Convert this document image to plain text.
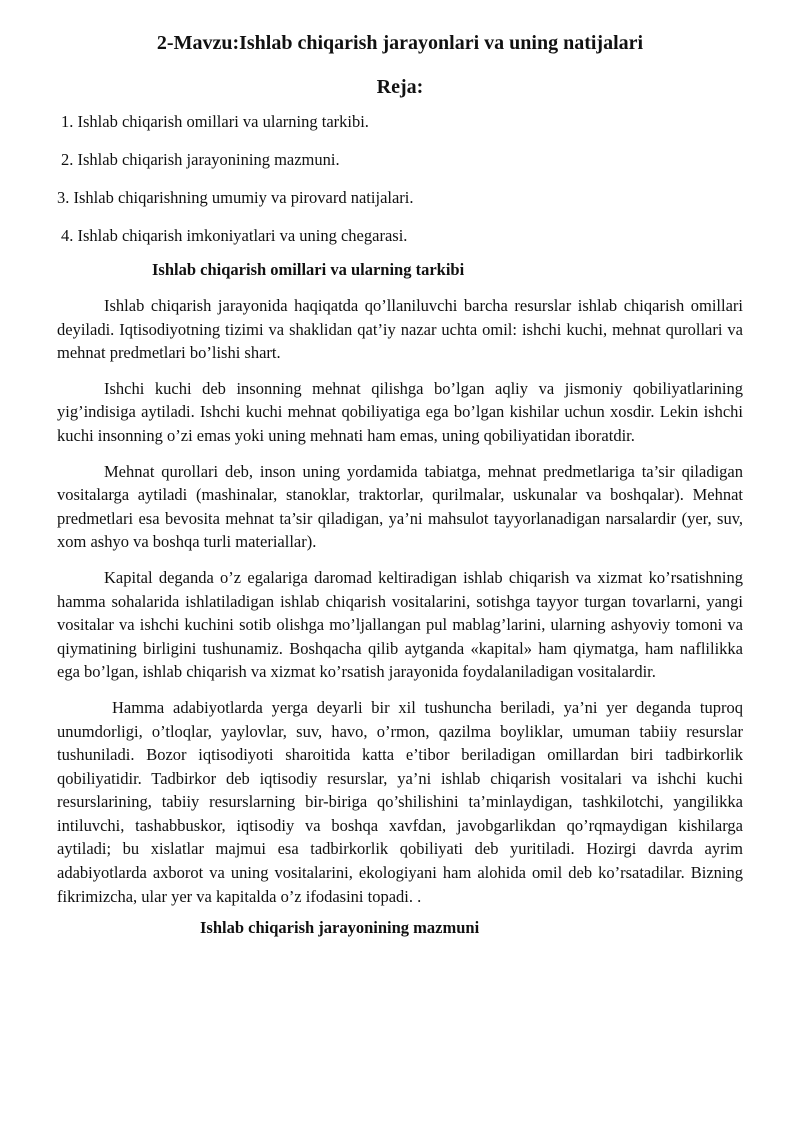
2-Mavzu:Ishlab chiqarish jarayonlari va uning natijalari
Reja:
1. Ishlab chiqarish omillari va ularning tarkibi.
2. Ishlab chiqarish jarayonining mazmuni.
3. Ishlab chiqarishning umumiy va pirovard natijalari.
4. Ishlab chiqarish imkoniyatlari va uning chegarasi.
Ishlab chiqarish omillari va ularning tarkibi

Ishlab chiqarish jarayonida haqiqatda qo’llaniluvchi barcha resurslar ishlab chiqarish omillari deyiladi. Iqtisodiyotning tizimi va shaklidan qat’iy nazar uchta omil: ishchi kuchi, mehnat qurollari va mehnat predmetlari bo’lishi shart.

Ishchi kuchi deb insonning mehnat qilishga bo’lgan aqliy va jismoniy qobiliyatlarining yig’indisiga aytiladi. Ishchi kuchi mehnat qobiliyatiga ega bo’lgan kishilar uchun xosdir. Lekin ishchi kuchi insonning o’zi emas yoki uning mehnati ham emas, uning qobiliyatidan iboratdir.

Mehnat qurollari deb, inson uning yordamida tabiatga, mehnat predmetlariga ta’sir qiladigan vositalarga aytiladi (mashinalar, stanoklar, traktorlar, qurilmalar, uskunalar va boshqalar). Mehnat predmetlari esa bevosita mehnat ta’sir qiladigan, ya’ni mahsulot tayyorlanadigan narsalardir (yer, suv, xom ashyo va boshqa turli materiallar).

Kapital deganda o’z egalariga daromad keltiradigan ishlab chiqarish va xizmat ko’rsatishning hamma sohalarida ishlatiladigan ishlab chiqarish vositalarini, sotishga tayyor turgan tovarlarni, yangi vositalar va ishchi kuchini sotib olishga mo’ljallangan pul mablag’larini, ularning ashyoviy tomoni va qiymatining birligini tushunamiz. Boshqacha qilib aytganda «kapital» ham qiymatga, ham naflilikka ega bo’lgan, ishlab chiqarish va xizmat ko’rsatish jarayonida foydalaniladigan vositalardir.

Hamma adabiyotlarda yerga deyarli bir xil tushuncha beriladi, ya’ni yer deganda tuproq unumdorligi, o’tloqlar, yaylovlar, suv, havo, o’rmon, qazilma boyliklar, umuman tabiiy resurslar tushuniladi. Bozor iqtisodiyoti sharoitida katta e’tibor beriladigan omillardan biri tadbirkorlik qobiliyatidir. Tadbirkor deb iqtisodiy resurslar, ya’ni ishlab chiqarish vositalari va ishchi kuchi resurslarining, tabiiy resurslarning bir-biriga qo’shilishini ta’minlaydigan, tashkilotchi, yangilikka intiluvchi, tashabbuskor, iqtisodiy va boshqa xavfdan, javobgarlikdan qo’rqmaydigan kishilarga aytiladi; bu xislatlar majmui esa tadbirkorlik qobiliyati deb yuritiladi. Hozirgi davrda ayrim adabiyotlarda axborot va uning vositalarini, ekologiyani ham alohida omil deb ko’rsatadilar. Bizning fikrimizcha, ular yer va kapitalda o’z ifodasini topadi. .

Ishlab chiqarish jarayonining mazmuni
